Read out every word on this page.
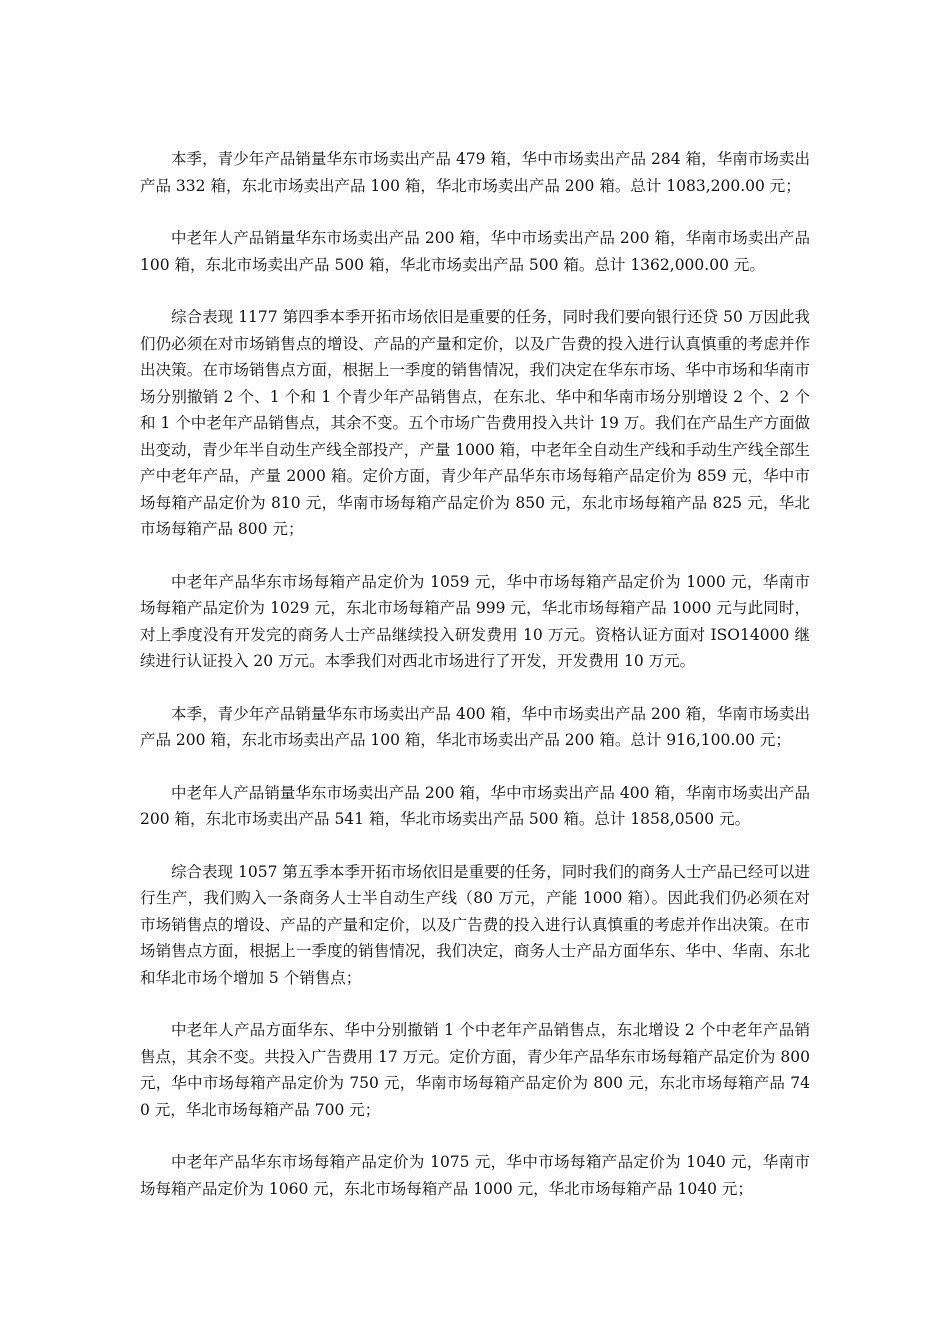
本季，青少年产品销量华东市场卖出产品 479 箱，华中市场卖出产品 284 箱，华南市场卖出产品 332 箱，东北市场卖出产品 100 箱，华北市场卖出产品 200 箱。总计 1083,200.00 元；

中老年人产品销量华东市场卖出产品 200 箱，华中市场卖出产品 200 箱，华南市场卖出产品 100 箱，东北市场卖出产品 500 箱，华北市场卖出产品 500 箱。总计 1362,000.00 元。

综合表现 1177 第四季本季开拓市场依旧是重要的任务，同时我们要向银行还贷 50 万因此我们仍必须在对市场销售点的增设、产品的产量和定价，以及广告费的投入进行认真慎重的考虑并作出决策。在市场销售点方面，根据上一季度的销售情况，我们决定在华东市场、华中市场和华南市场分别撤销 2 个、1 个和 1 个青少年产品销售点，在东北、华中和华南市场分别增设 2 个、2 个和 1 个中老年产品销售点，其余不变。五个市场广告费用投入共计 19 万。我们在产品生产方面做出变动，青少年半自动生产线全部投产，产量 1000 箱，中老年全自动生产线和手动生产线全部生产中老年产品，产量 2000 箱。定价方面，青少年产品华东市场每箱产品定价为 859 元，华中市场每箱产品定价为 810 元，华南市场每箱产品定价为 850 元，东北市场每箱产品 825 元，华北市场每箱产品 800 元；

中老年产品华东市场每箱产品定价为 1059 元，华中市场每箱产品定价为 1000 元，华南市场每箱产品定价为 1029 元，东北市场每箱产品 999 元，华北市场每箱产品 1000 元与此同时，对上季度没有开发完的商务人士产品继续投入研发费用 10 万元。资格认证方面对 ISO14000 继续进行认证投入 20 万元。本季我们对西北市场进行了开发，开发费用 10 万元。

本季，青少年产品销量华东市场卖出产品 400 箱，华中市场卖出产品 200 箱，华南市场卖出产品 200 箱，东北市场卖出产品 100 箱，华北市场卖出产品 200 箱。总计 916,100.00 元；

中老年人产品销量华东市场卖出产品 200 箱，华中市场卖出产品 400 箱，华南市场卖出产品 200 箱，东北市场卖出产品 541 箱，华北市场卖出产品 500 箱。总计 1858,0500 元。

综合表现 1057 第五季本季开拓市场依旧是重要的任务，同时我们的商务人士产品已经可以进行生产，我们购入一条商务人士半自动生产线（80 万元，产能 1000 箱）。因此我们仍必须在对市场销售点的增设、产品的产量和定价，以及广告费的投入进行认真慎重的考虑并作出决策。在市场销售点方面，根据上一季度的销售情况，我们决定，商务人士产品方面华东、华中、华南、东北和华北市场个增加 5 个销售点；

中老年人产品方面华东、华中分别撤销 1 个中老年产品销售点，东北增设 2 个中老年产品销售点，其余不变。共投入广告费用 17 万元。定价方面，青少年产品华东市场每箱产品定价为 800 元，华中市场每箱产品定价为 750 元，华南市场每箱产品定价为 800 元，东北市场每箱产品 740 元，华北市场每箱产品 700 元；

中老年产品华东市场每箱产品定价为 1075 元，华中市场每箱产品定价为 1040 元，华南市场每箱产品定价为 1060 元，东北市场每箱产品 1000 元，华北市场每箱产品 1040 元；
